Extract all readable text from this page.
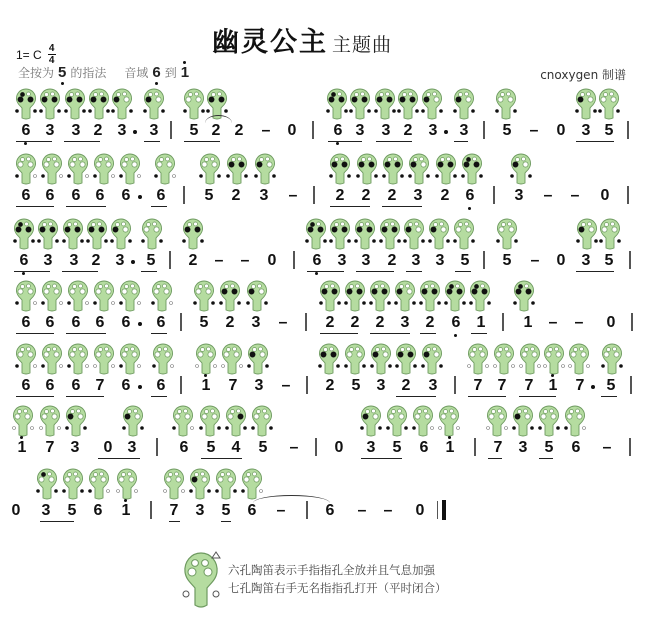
幽灵公主 主题曲
1= C $\frac{4}{4}$
全按为 5 的指法 音域 6 到 1	cnoxygen 制谱
6 3 3 2 3 3 5 2 2 – 0 6 3 3 2 3 3 5 – 0 3 5
6 6 6 6 6 6 5 2 3 – 2 2 2 3 2 6	3 – – 0
6 3 3 2 3 5 2 – – 0 6 3 3 2 3 3 5 5 – 0 3 5
6 6 6 6 6 6 5 2 3 – 2 2 2 3 2 6 1 1 – – 0
6 6 6 7 6 6 1 7 3 – 2 5 3 2 3 7 7 7 1 7 5
1 7 3 0 3	6 5 4 5 – 0 3 5 6 1 7 3 5 6 –
0 3 5 6 1 7 3 5 6 –	6 – – 0
六孔陶笛表示手指指孔全放并且气息加强
七孔陶笛右手无名指指孔打开（平时闭合）
